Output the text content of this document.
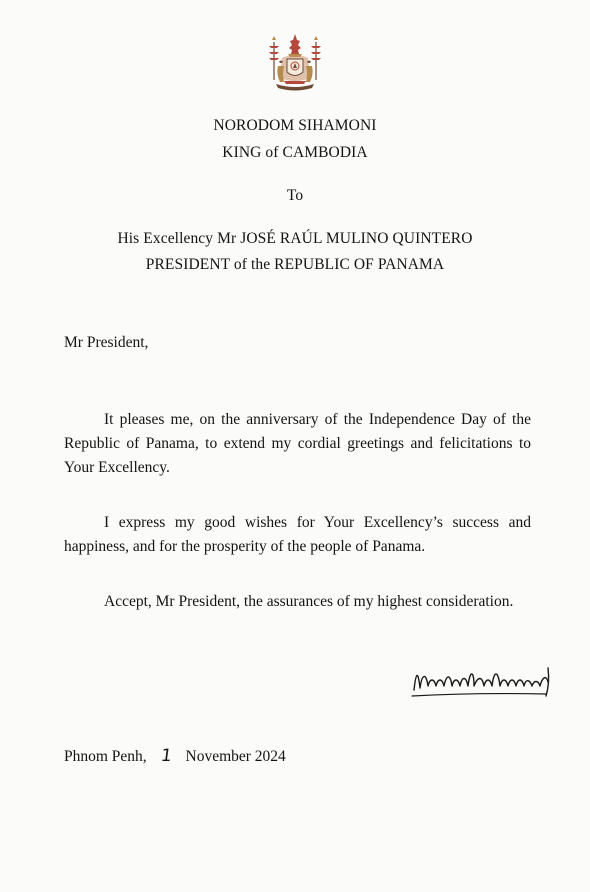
NORODOM SIHAMONI
KING of CAMBODIA
To
His Excellency Mr JOSÉ RAÚL MULINO QUINTERO
PRESIDENT of the REPUBLIC OF PANAMA
Mr President,
It pleases me, on the anniversary of the Independence Day of the Republic of Panama, to extend my cordial greetings and felicitations to Your Excellency.
I express my good wishes for Your Excellency’s success and happiness, and for the prosperity of the people of Panama.
Accept, Mr President, the assurances of my highest consideration.
Phnom Penh, 1 November 2024
